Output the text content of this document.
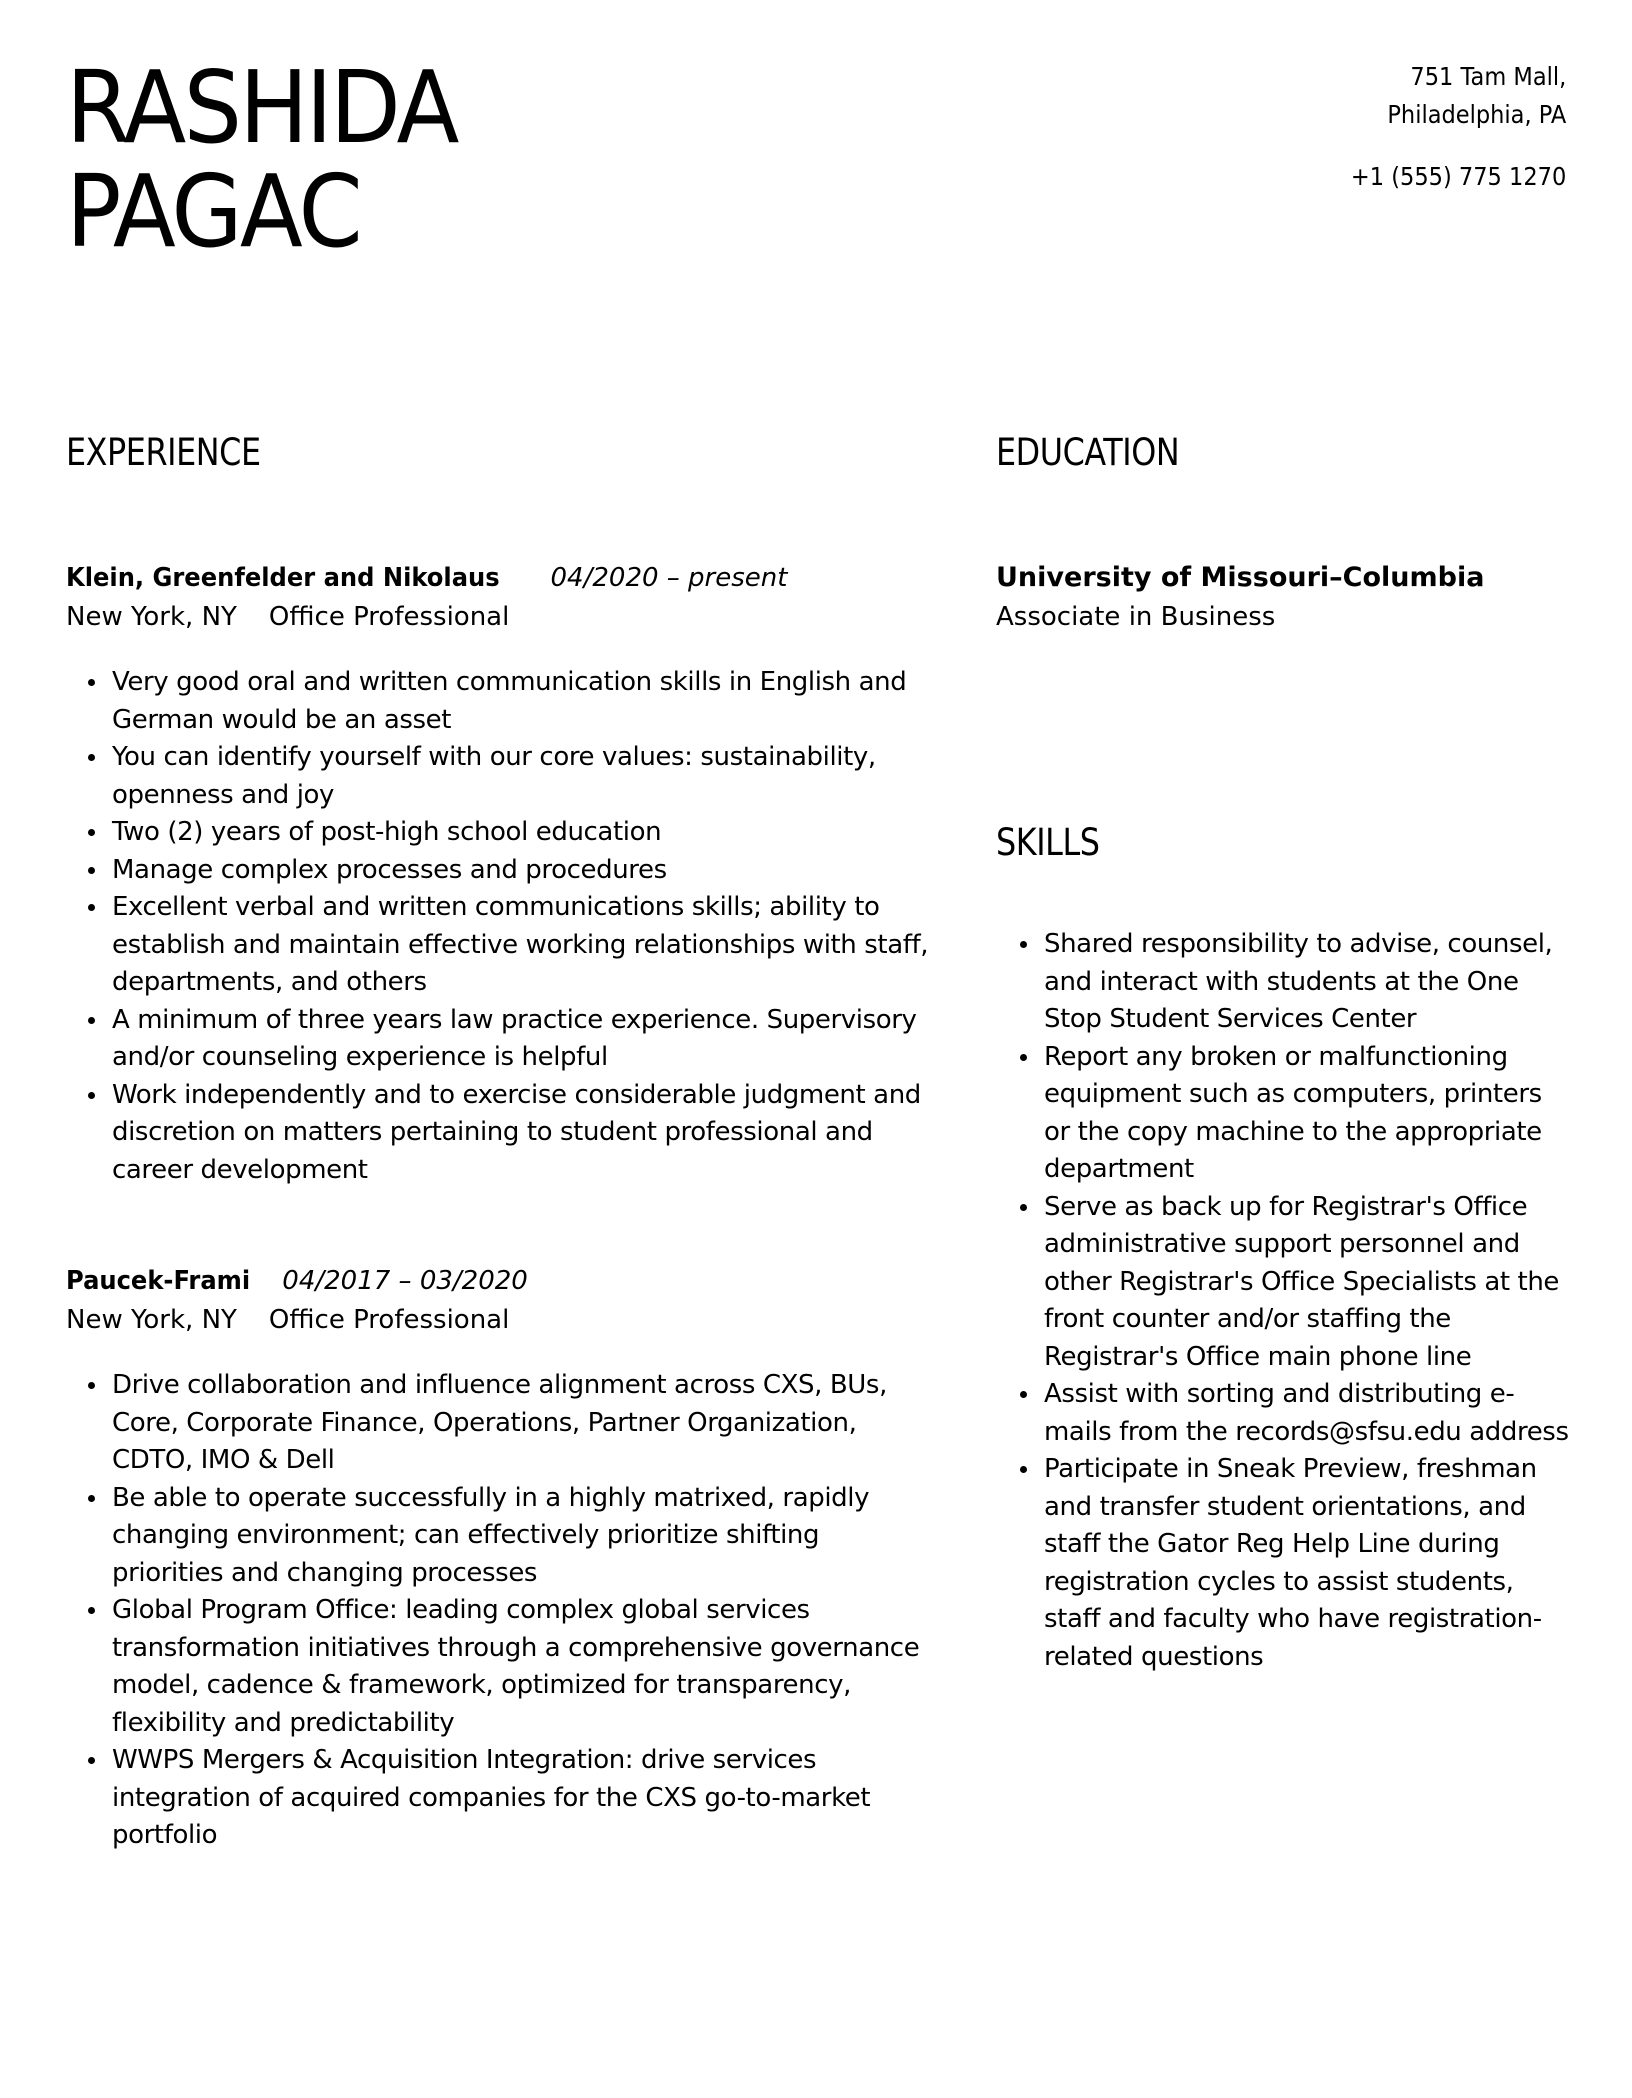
RASHIDA
PAGAC
751 Tam Mall,
Philadelphia, PA
+1 (555) 775 1270
EXPERIENCE
Klein, Greenfelder and Nikolaus 04/2020 – present
New York, NY Office Professional
Very good oral and written communication skills in English and German would be an asset
You can identify yourself with our core values: sustainability, openness and joy
Two (2) years of post-high school education
Manage complex processes and procedures
Excellent verbal and written communications skills; ability to establish and maintain effective working relationships with staff, departments, and others
A minimum of three years law practice experience. Supervisory and/or counseling experience is helpful
Work independently and to exercise considerable judgment and discretion on matters pertaining to student professional and career development
Paucek-Frami 04/2017 – 03/2020
New York, NY Office Professional
Drive collaboration and influence alignment across CXS, BUs, Core, Corporate Finance, Operations, Partner Organization, CDTO, IMO & Dell
Be able to operate successfully in a highly matrixed, rapidly changing environment; can effectively prioritize shifting priorities and changing processes
Global Program Office: leading complex global services transformation initiatives through a comprehensive governance model, cadence & framework, optimized for transparency, flexibility and predictability
WWPS Mergers & Acquisition Integration: drive services integration of acquired companies for the CXS go-to-market portfolio
EDUCATION
University of Missouri–Columbia
Associate in Business
SKILLS
Shared responsibility to advise, counsel, and interact with students at the One Stop Student Services Center
Report any broken or malfunctioning equipment such as computers, printers or the copy machine to the appropriate department
Serve as back up for Registrar's Office administrative support personnel and other Registrar's Office Specialists at the front counter and/or staffing the Registrar's Office main phone line
Assist with sorting and distributing e-mails from the records@sfsu.edu address
Participate in Sneak Preview, freshman and transfer student orientations, and staff the Gator Reg Help Line during registration cycles to assist students, staff and faculty who have registration-related questions
